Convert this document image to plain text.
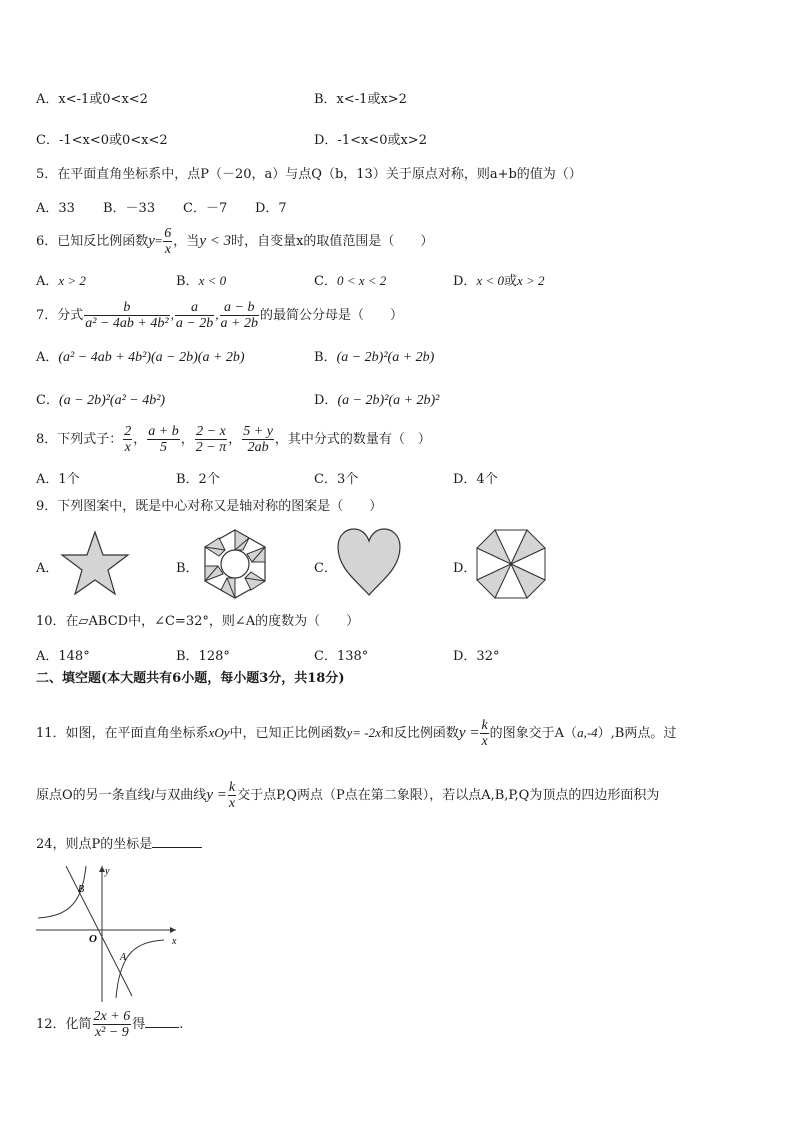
A．x<-1或0<x<2	B．x<-1或x>2
C．-1<x<0或0<x<2	D．-1<x<0或x>2
5．在平面直角坐标系中，点P（－20，a）与点Q（b，13）关于原点对称，则a+b的值为（）
A．33 B．－33 C．－7 D．7
6．已知反比例函数$y= \frac{6}{x}$ ，当y < 3时，自变量x的取值范围是（　　）
A．x > 2	B．x < 0	C．0 < x < 2	D．x < 0或x > 2
7．分式 $\frac{b}{\text{a² − 4ab + 4b²}}$ , $\frac{a}{a - 2b}$ , $\frac{a - b}{a + 2b}$ 的最简公分母是（　　）
A．(a² − 4ab + 4b²)(a − 2b)(a + 2b)	B．(a − 2b)²(a + 2b)
C．(a − 2b)²(a² − 4b²)	D．(a − 2b)²(a + 2b)²
8．下列式子： $\frac{2}{x}$ ， $\frac{a + b}{5}$ ， $\frac{2 - x}{2 - \pi}$ ， $\frac{5 + y}{2ab}$ ，其中分式的数量有（　）
A．1个	B．2个	C．3个	D．4个
9．下列图案中，既是中心对称又是轴对称的图案是（　　）
A．	B．	C．	D．
10．在▱ABCD中，∠C=32°，则∠A的度数为（　　）
A．148°	B．128°	C．138°	D．32°
二、填空题(本大题共有6小题，每小题3分，共18分)
11．如图，在平面直角坐标系xOy中，已知正比例函数y= -2x和反比例函数$y = \frac{k}{x}$ 的图象交于A（a,-4）,B两点。过
原点O的另一条直线l与双曲线$y = \frac{k}{x}$ 交于点P,Q两点（P点在第二象限），若以点A,B,P,Q为顶点的四边形面积为
24，则点P的坐标是
y
x
O
A
B
12．化简 $\frac{2x + 6}{\text{x² − 9}}$ 得	.
